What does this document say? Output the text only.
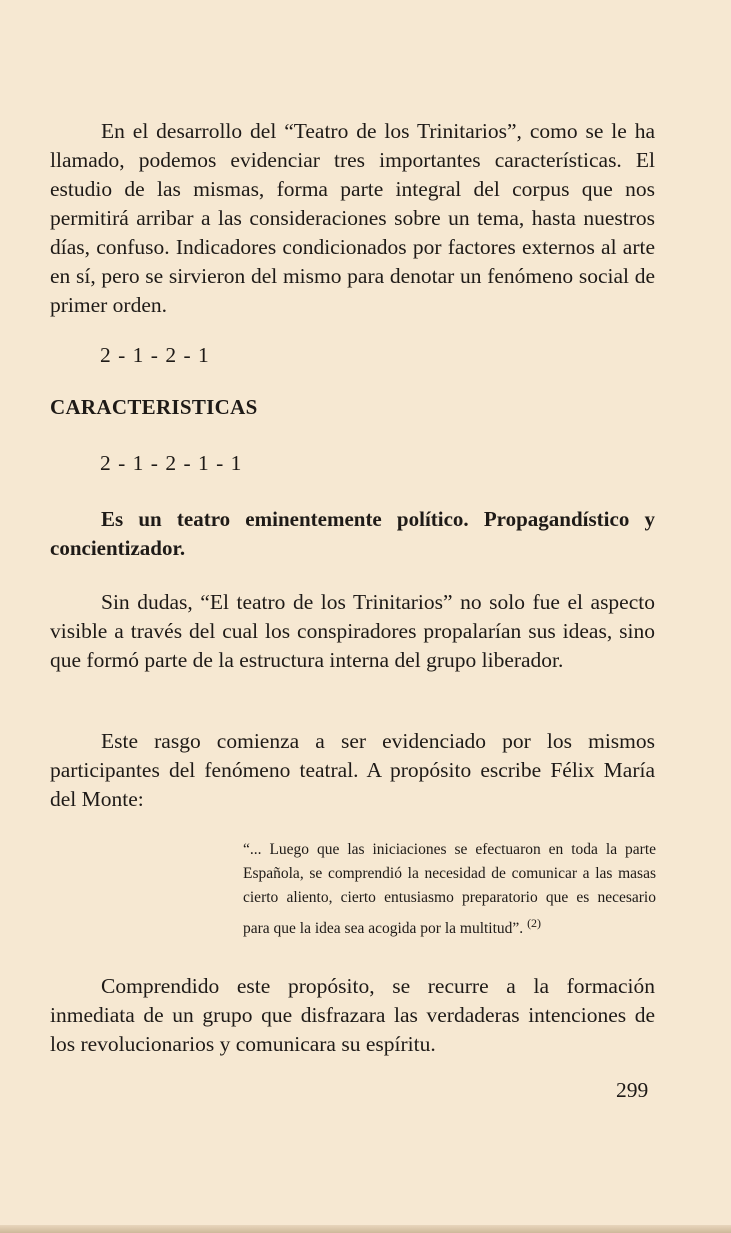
En el desarrollo del “Teatro de los Trinitarios”, como se le ha llamado, podemos evidenciar tres importantes características. El estudio de las mismas, forma parte integral del corpus que nos permitirá arribar a las consideraciones sobre un tema, hasta nuestros días, confuso. Indicadores condicionados por factores externos al arte en sí, pero se sirvieron del mismo para denotar un fenómeno social de primer orden.

2 - 1 - 2 - 1
CARACTERISTICAS
2 - 1 - 2 - 1 - 1

Es un teatro eminentemente político. Propagandístico y concientizador.

Sin dudas, “El teatro de los Trinitarios” no solo fue el aspecto visible a través del cual los conspiradores propalarían sus ideas, sino que formó parte de la estructura interna del grupo liberador.

Este rasgo comienza a ser evidenciado por los mismos participantes del fenómeno teatral. A propósito escribe Félix María del Monte:

“... Luego que las iniciaciones se efectuaron en toda la parte Española, se comprendió la necesidad de comunicar a las masas cierto aliento, cierto entusiasmo preparatorio que es necesario para que la idea sea acogida por la multitud”. $^{(2)}$

Comprendido este propósito, se recurre a la formación inmediata de un grupo que disfrazara las verdaderas intenciones de los revolucionarios y comunicara su espíritu.

299
